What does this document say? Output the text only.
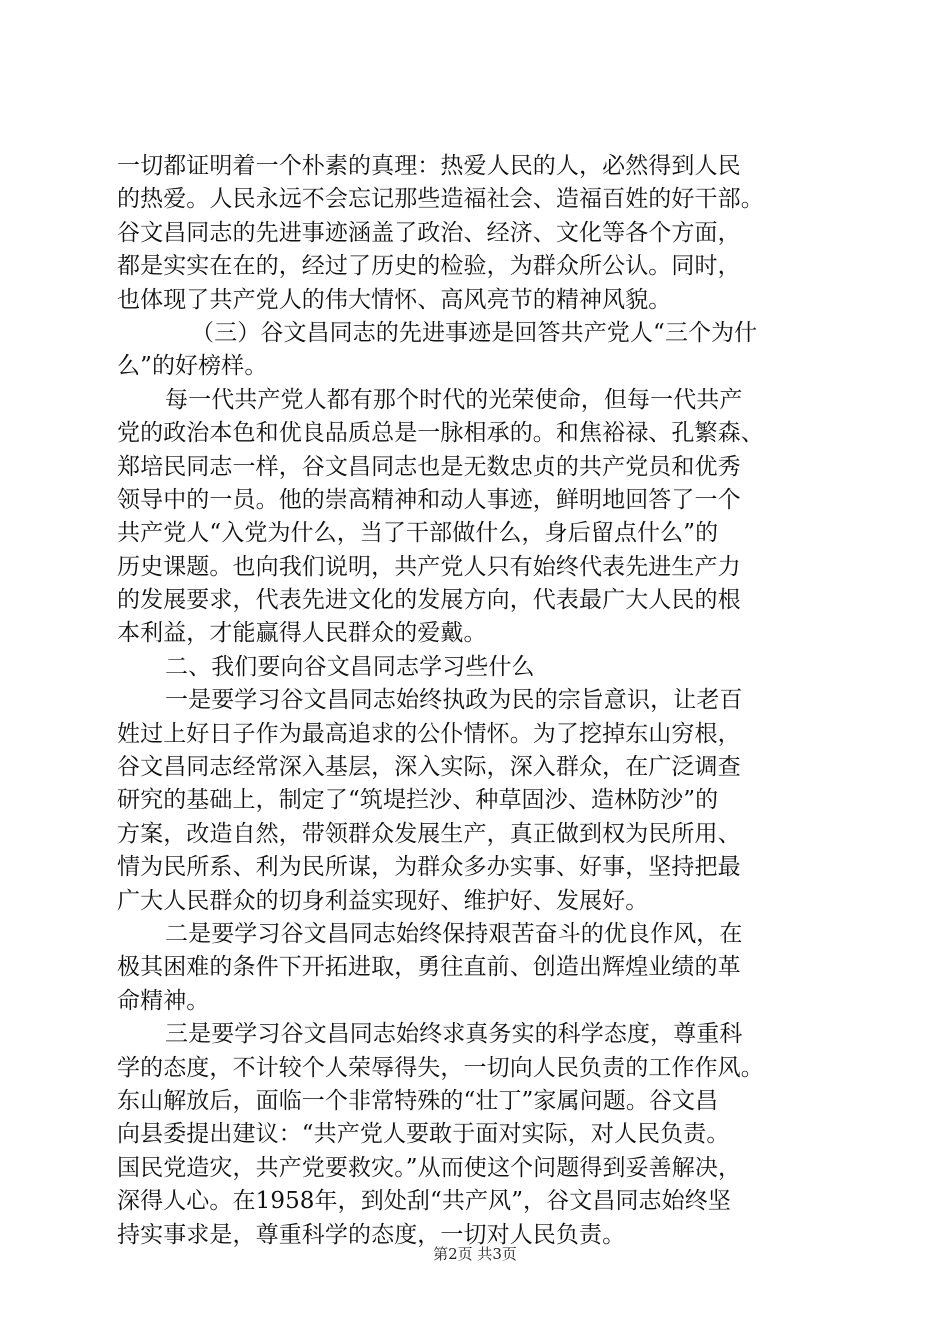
一切都证明着一个朴素的真理：热爱人民的人，必然得到人民
的热爱。人民永远不会忘记那些造福社会、造福百姓的好干部。
谷文昌同志的先进事迹涵盖了政治、经济、文化等各个方面，
都是实实在在的，经过了历史的检验，为群众所公认。同时，
也体现了共产党人的伟大情怀、高风亮节的精神风貌。
（三）谷文昌同志的先进事迹是回答共产党人“三个为什
么”的好榜样。
每一代共产党人都有那个时代的光荣使命，但每一代共产
党的政治本色和优良品质总是一脉相承的。和焦裕禄、孔繁森、
郑培民同志一样，谷文昌同志也是无数忠贞的共产党员和优秀
领导中的一员。他的崇高精神和动人事迹，鲜明地回答了一个
共产党人“入党为什么，当了干部做什么，身后留点什么”的
历史课题。也向我们说明，共产党人只有始终代表先进生产力
的发展要求，代表先进文化的发展方向，代表最广大人民的根
本利益，才能赢得人民群众的爱戴。
二、我们要向谷文昌同志学习些什么
一是要学习谷文昌同志始终执政为民的宗旨意识，让老百
姓过上好日子作为最高追求的公仆情怀。为了挖掉东山穷根，
谷文昌同志经常深入基层，深入实际，深入群众，在广泛调查
研究的基础上，制定了“筑堤拦沙、种草固沙、造林防沙”的
方案，改造自然，带领群众发展生产，真正做到权为民所用、
情为民所系、利为民所谋，为群众多办实事、好事，坚持把最
广大人民群众的切身利益实现好、维护好、发展好。
二是要学习谷文昌同志始终保持艰苦奋斗的优良作风，在
极其困难的条件下开拓进取，勇往直前、创造出辉煌业绩的革
命精神。
三是要学习谷文昌同志始终求真务实的科学态度，尊重科
学的态度，不计较个人荣辱得失，一切向人民负责的工作作风。
东山解放后，面临一个非常特殊的“壮丁”家属问题。谷文昌
向县委提出建议：“共产党人要敢于面对实际，对人民负责。
国民党造灾，共产党要救灾。”从而使这个问题得到妥善解决，
深得人心。在1958年，到处刮“共产风”，谷文昌同志始终坚
持实事求是，尊重科学的态度，一切对人民负责。
第2页 共3页
